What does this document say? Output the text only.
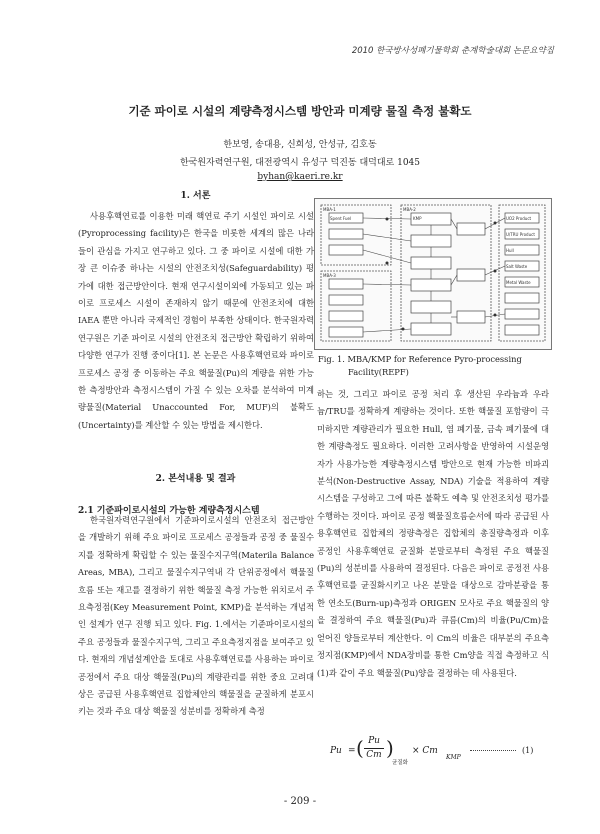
2010 한국방사성폐기물학회 춘계학술대회 논문요약집
기준 파이로 시설의 계량측정시스템 방안과 미계량 물질 측정 불확도
한보영, 송대용, 신희성, 안성규, 김호동
한국원자력연구원, 대전광역시 유성구 덕진동 대덕대로 1045
byhan@kaeri.re.kr
1. 서론
사용후핵연료를 이용한 미래 핵연료 주기 시설인 파이로 시설(Pyroprocessing facility)은 한국을 비롯한 세계의 많은 나라들이 관심을 가지고 연구하고 있다. 그 중 파이로 시설에 대한 가장 큰 이슈중 하나는 시설의 안전조치성(Safeguardability) 평가에 대한 접근방안이다. 현재 연구시설이외에 가동되고 있는 파이로 프로세스 시설이 존재하지 않기 때문에 안전조치에 대한 IAEA 뿐만 아니라 국제적인 경험이 부족한 상태이다. 한국원자력연구원은 기준 파이로 시설의 안전조치 접근방안 확립하기 위하여 다양한 연구가 진행 중이다[1]. 본 논문은 사용후핵연료와 파이로 프로세스 공정 중 이동하는 주요 핵물질(Pu)의 계량을 위한 가능한 측정방안과 측정시스템이 가질 수 있는 오차를 분석하여 미계량물질(Material Unaccounted For, MUF)의 불확도(Uncertainty)를 계산할 수 있는 방법을 제시한다.
2. 본석내용 및 결과
2.1 기준파이로시설의 가능한 계량측정시스템
한국원자력연구원에서 기준파이로시설의 안전조치 접근방안을 개발하기 위해 주요 파이로 프로세스 공정들과 공정 중 물질수지를 정확하게 확립할 수 있는 물질수지구역(Materila Balance Areas, MBA), 그리고 물질수지구역내 각 단위공정에서 핵물질 흐름 또는 재고를 결정하기 위한 핵물질 측정 가능한 위치로서 주요측정점(Key Measurement Point, KMP)을 분석하는 개념적인 설계가 연구 진행 되고 있다. Fig. 1.에서는 기준파이로시설의 주요 공정들과 물질수지구역, 그리고 주요측정지점을 보여주고 있다. 현재의 개념설계안을 토대로 사용후핵연료를 사용하는 파이로 공정에서 주요 대상 핵물질(Pu)의 계량관리를 위한 중요 고려대상은 공급된 사용후핵연료 집합체안의 핵물질을 균질하게 분포시키는 것과 주요 대상 핵물질 성분비를 정확하게 측정
MBA-1	MBA-2
MBA-3
UO2 Product
U/TRU Product
Hull
Salt Waste
Metal Waste
Spent Fuel	KMP
Fig. 1. MBA/KMP for Reference Pyro-processing Facility(REPF)
하는 것, 그리고 파이로 공정 처리 후 생산된 우라늄과 우라늄/TRU를 정확하게 계량하는 것이다. 또한 핵물질 포함량이 극미하지만 계량관리가 필요한 Hull, 염 폐기물, 금속 폐기물에 대한 계량측정도 필요하다. 이러한 고려사항을 반영하여 시설운영자가 사용가능한 계량측정시스템 방안으로 현재 가능한 비파괴분석(Non-Destructive Assay, NDA) 기술을 적용하여 계량 시스템을 구성하고 그에 따른 불확도 예측 및 안전조치성 평가를 수행하는 것이다. 파이로 공정 핵물질흐름순서에 따라 공급된 사용후핵연료 집합체의 정량측정은 집합체의 총질량측정과 이후 공정인 사용후핵연료 균질화 분말로부터 측정된 주요 핵물질(Pu)의 성분비를 사용하여 결정된다. 다음은 파이로 공정전 사용후핵연료를 균질화시키고 나온 분말을 대상으로 감마분광을 통한 연소도(Burn-up)측정과 ORIGEN 모사로 주요 핵물질의 양을 결정하여 주요 핵물질(Pu)과 큐름(Cm)의 비율(Pu/Cm)을 얻어진 양들로부터 계산한다. 이 Cm의 비율은 대부분의 주요측정지점(KMP)에서 NDA장비를 통한 Cm양을 직접 측정하고 식 (1)과 같이 주요 핵물질(Pu)양을 결정하는 데 사용된다.
Pu = ( Pu
Cm )
균질화
× Cm
KMP
(1)
- 209 -
